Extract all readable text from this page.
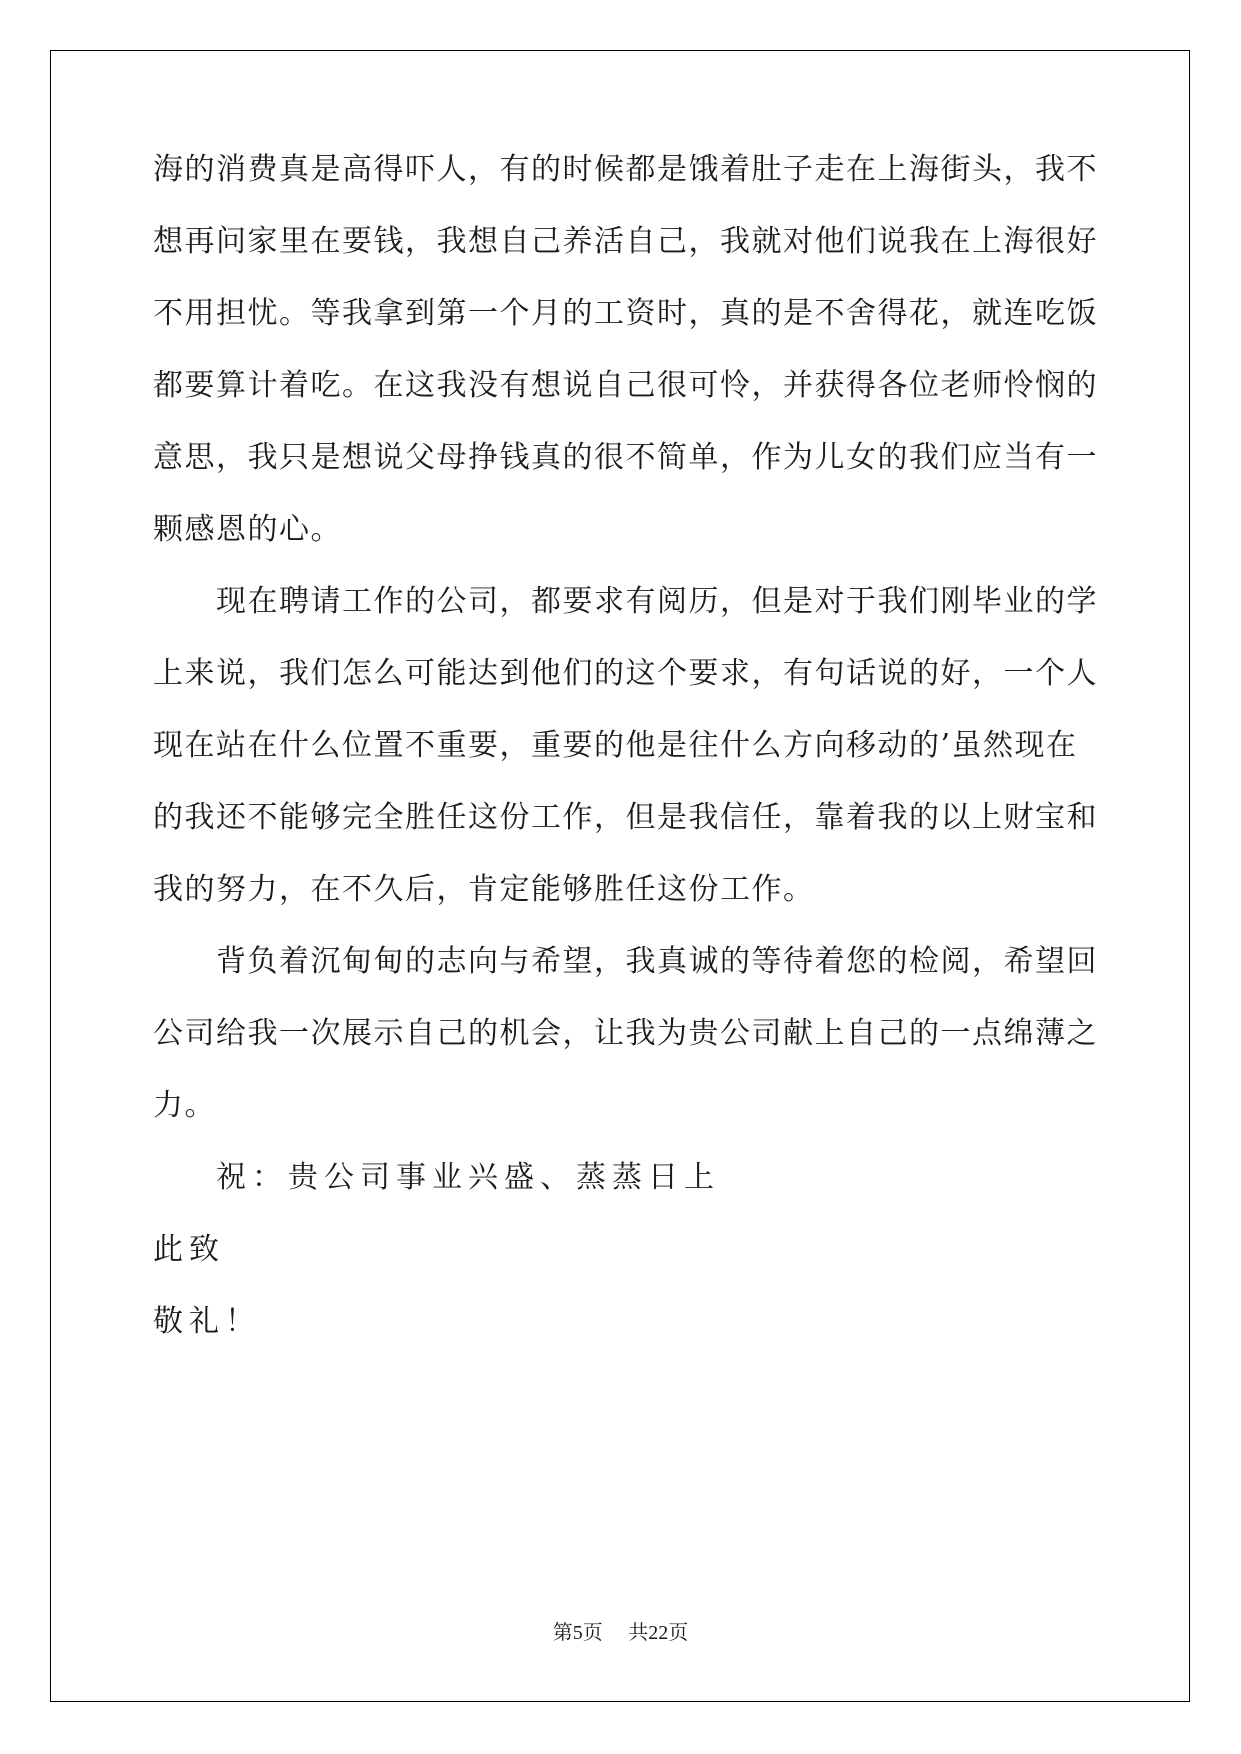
海的消费真是高得吓人，有的时候都是饿着肚子走在上海街头，我不
想再问家里在要钱，我想自己养活自己，我就对他们说我在上海很好
不用担忧。等我拿到第一个月的工资时，真的是不舍得花，就连吃饭
都要算计着吃。在这我没有想说自己很可怜，并获得各位老师怜悯的
意思，我只是想说父母挣钱真的很不简单，作为儿女的我们应当有一
颗感恩的心。
现在聘请工作的公司，都要求有阅历，但是对于我们刚毕业的学
上来说，我们怎么可能达到他们的这个要求，有句话说的好，一个人
现在站在什么位置不重要，重要的他是往什么方向移动的’虽然现在
的我还不能够完全胜任这份工作，但是我信任，靠着我的以上财宝和
我的努力，在不久后，肯定能够胜任这份工作。
背负着沉甸甸的志向与希望，我真诚的等待着您的检阅，希望回
公司给我一次展示自己的机会，让我为贵公司献上自己的一点绵薄之
力。
祝：贵公司事业兴盛、蒸蒸日上
此致
敬礼！
第5页 共22页
